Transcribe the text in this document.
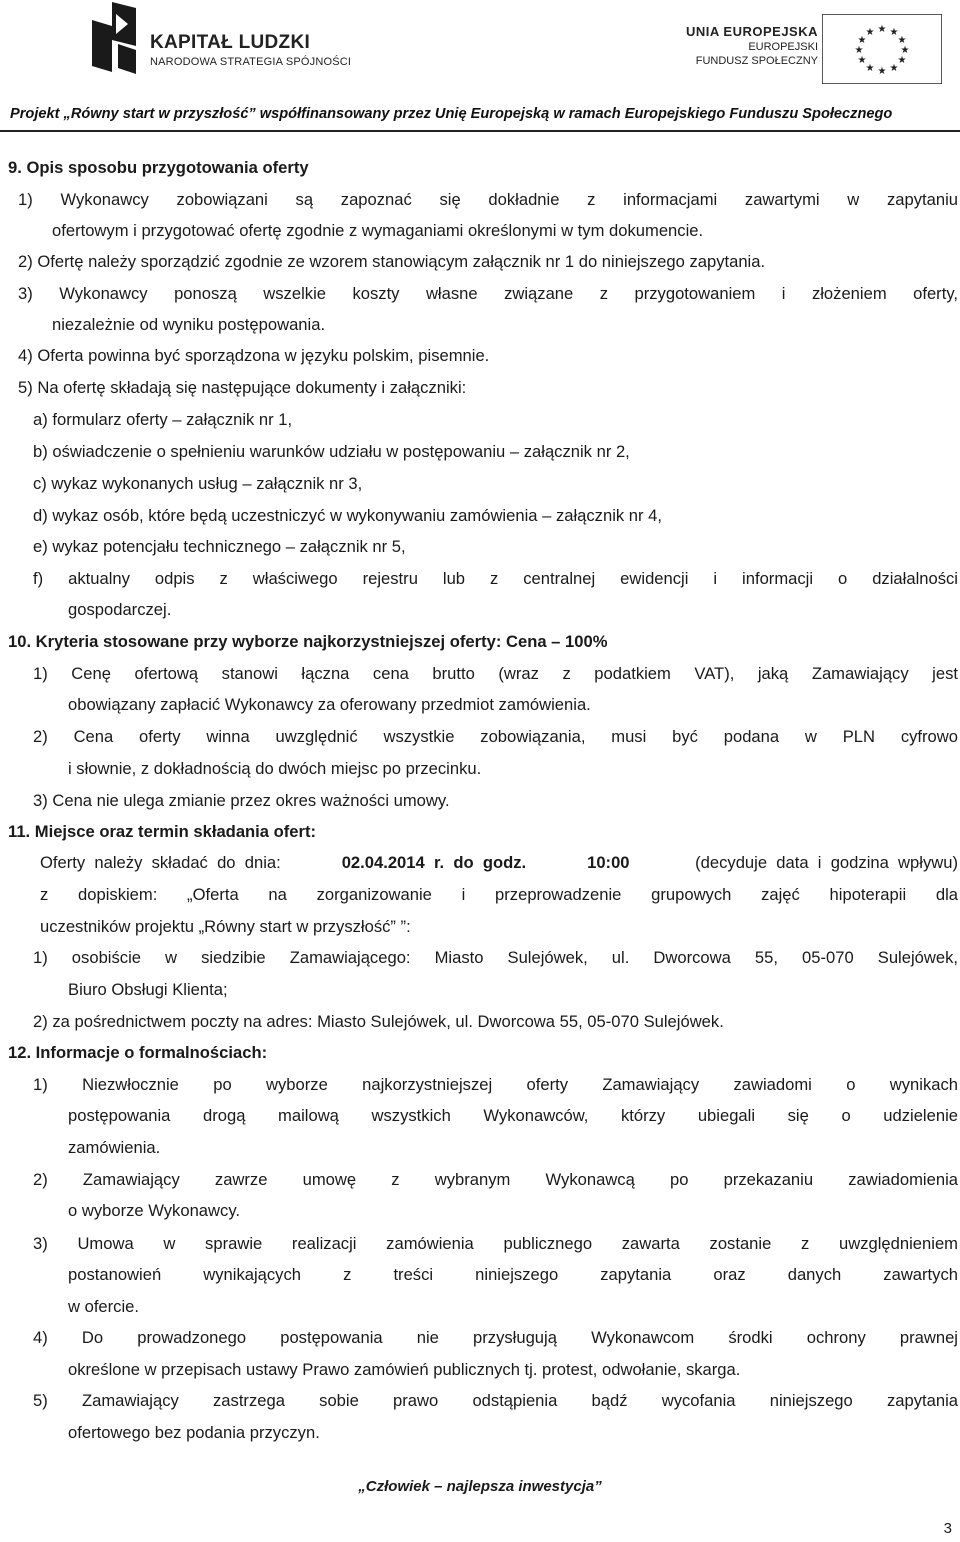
KAPITAŁ LUDZKI
NARODOWA STRATEGIA SPÓJNOŚCI
UNIA EUROPEJSKA
EUROPEJSKI
FUNDUSZ SPOŁECZNY
★ ★
★
★
★
★
★
★
★
★
★
★
Projekt „Równy start w przyszłość” współfinansowany przez Unię Europejską w ramach Europejskiego Funduszu Społecznego
9. Opis sposobu przygotowania oferty
1) Wykonawcy zobowiązani są zapoznać się dokładnie z informacjami zawartymi w zapytaniu
ofertowym i przygotować ofertę zgodnie z wymaganiami określonymi w tym dokumencie.
2) Ofertę należy sporządzić zgodnie ze wzorem stanowiącym załącznik nr 1 do niniejszego zapytania.
3) Wykonawcy ponoszą wszelkie koszty własne związane z przygotowaniem i złożeniem oferty,
niezależnie od wyniku postępowania.
4) Oferta powinna być sporządzona w języku polskim, pisemnie.
5) Na ofertę składają się następujące dokumenty i załączniki:
a) formularz oferty – załącznik nr 1,
b) oświadczenie o spełnieniu warunków udziału w postępowaniu – załącznik nr 2,
c) wykaz wykonanych usług – załącznik nr 3,
d) wykaz osób, które będą uczestniczyć w wykonywaniu zamówienia – załącznik nr 4,
e) wykaz potencjału technicznego – załącznik nr 5,
f) aktualny odpis z właściwego rejestru lub z centralnej ewidencji i informacji o działalności
gospodarczej.
10. Kryteria stosowane przy wyborze najkorzystniejszej oferty: Cena – 100%
1) Cenę ofertową stanowi łączna cena brutto (wraz z podatkiem VAT), jaką Zamawiający jest
obowiązany zapłacić Wykonawcy za oferowany przedmiot zamówienia.
2) Cena oferty winna uwzględnić wszystkie zobowiązania, musi być podana w PLN cyfrowo
i słownie, z dokładnością do dwóch miejsc po przecinku.
3) Cena nie ulega zmianie przez okres ważności umowy.
11. Miejsce oraz termin składania ofert:
Oferty  należy  składać  do  dnia:	02.04.2014  r.  do  godz.	10:00	(decyduje  data  i  godzina  wpływu)
z dopiskiem: „Oferta na zorganizowanie i przeprowadzenie grupowych zajęć hipoterapii dla
uczestników projektu „Równy start w przyszłość” ”:
1) osobiście w siedzibie Zamawiającego: Miasto Sulejówek, ul. Dworcowa 55, 05-070 Sulejówek,
Biuro Obsługi Klienta;
2) za pośrednictwem poczty na adres: Miasto Sulejówek, ul. Dworcowa 55, 05-070 Sulejówek.
12. Informacje o formalnościach:
1) Niezwłocznie po wyborze najkorzystniejszej oferty Zamawiający zawiadomi o wynikach
postępowania drogą mailową wszystkich Wykonawców, którzy ubiegali się o udzielenie
zamówienia.
2) Zamawiający zawrze umowę z wybranym Wykonawcą po przekazaniu zawiadomienia
o wyborze Wykonawcy.
3) Umowa w sprawie realizacji zamówienia publicznego zawarta zostanie z uwzględnieniem
postanowień wynikających z treści niniejszego zapytania oraz danych zawartych
w ofercie.
4) Do prowadzonego postępowania nie przysługują Wykonawcom środki ochrony prawnej
określone w przepisach ustawy Prawo zamówień publicznych tj. protest, odwołanie, skarga.
5) Zamawiający zastrzega sobie prawo odstąpienia bądź wycofania niniejszego zapytania
ofertowego bez podania przyczyn.
„Człowiek – najlepsza inwestycja”
3
